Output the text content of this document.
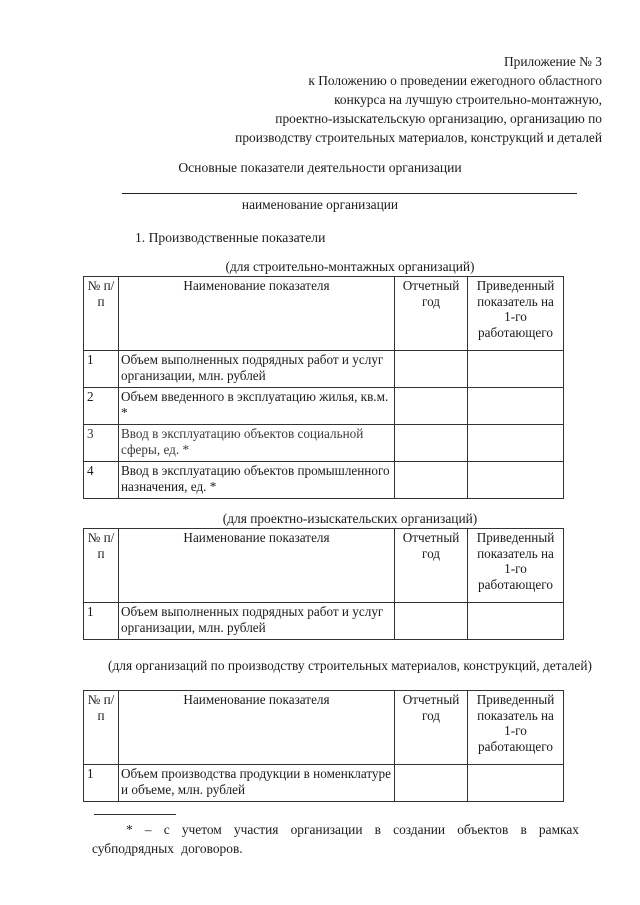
Приложение № 3
к Положению о проведении ежегодного областного
конкурса на лучшую строительно-монтажную,
проектно-изыскательскую организацию, организацию по
производству строительных материалов, конструкций и деталей
Основные показатели деятельности организации
наименование организации
1. Производственные показатели
(для строительно-монтажных организаций)
№ п/п	Наименование показателя	Отчетный год	Приведенный показатель на 1-го работающего
1	Объем выполненных подрядных работ и услуг организации, млн. рублей		
2	Объем введенного в эксплуатацию жилья, кв.м. *		
3	Ввод в эксплуатацию объектов социальной сферы, ед. *		
4	Ввод в эксплуатацию объектов промышленного назначения, ед. *		
(для проектно-изыскательских организаций)
№ п/п	Наименование показателя	Отчетный год	Приведенный показатель на 1-го работающего
1	Объем выполненных подрядных работ и услуг организации, млн. рублей		
(для организаций по производству строительных материалов, конструкций, деталей)
№ п/п	Наименование показателя	Отчетный год	Приведенный показатель на 1-го работающего
1	Объем производства продукции в номенклатуре и объеме, млн. рублей		
* – с учетом участия организации в создании объектов в рамках субподрядных договоров.
